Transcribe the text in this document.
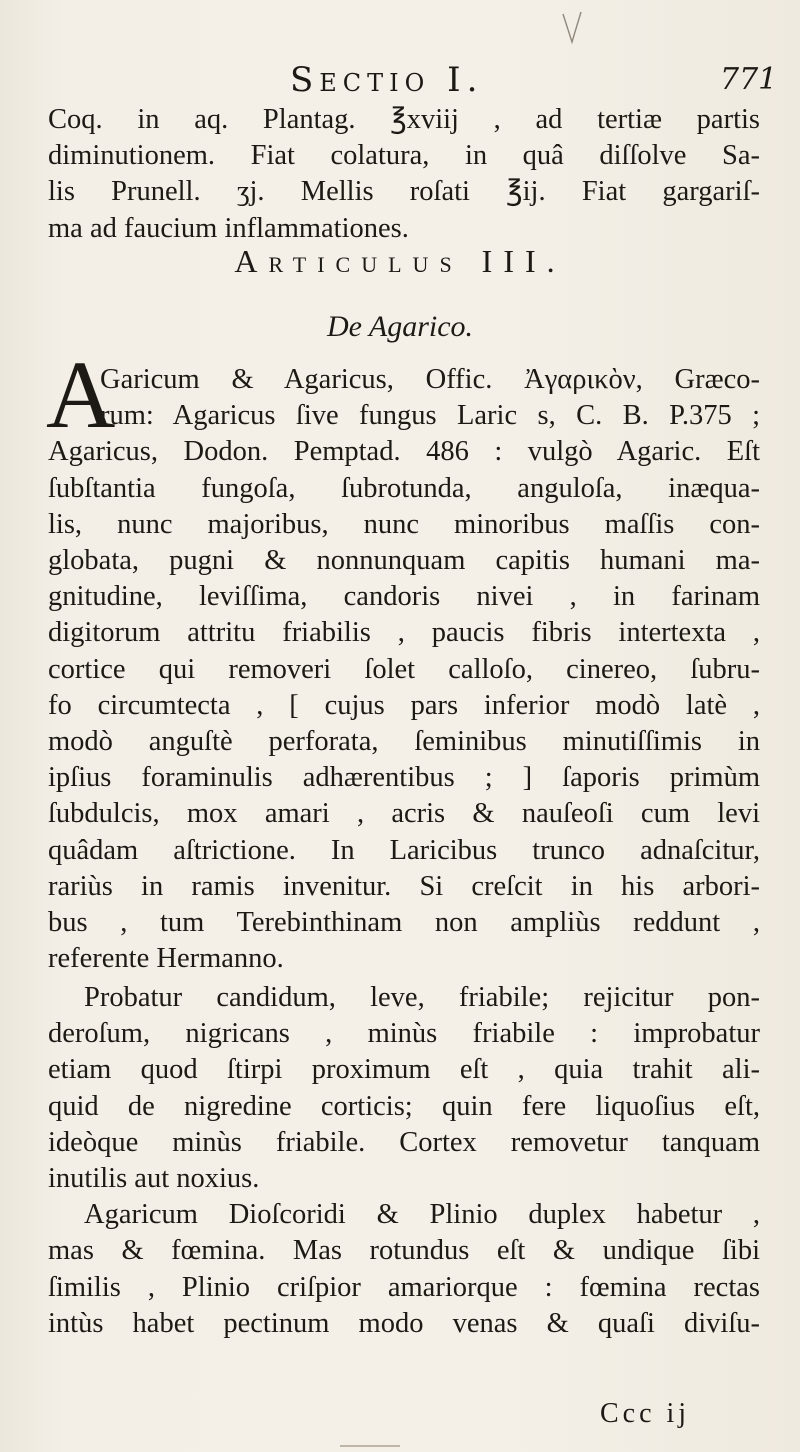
Sectio I.	771
Coq. in aq. Plantag. ℥xviij , ad tertiæ partis
diminutionem. Fiat colatura, in quâ diſſolve Sa-
lis Prunell. ʒj. Mellis roſati ℥ij. Fiat gargariſ-
ma ad faucium inflammationes.
Articulus III.
De Agarico.
A
Garicum & Agaricus, Offic. Ἀγαρικὸν, Græco-
rum: Agaricus ſive fungus Laric s, C. B. P.375 ;
Agaricus, Dodon. Pemptad. 486 : vulgò Agaric. Eſt
ſubſtantia fungoſa, ſubrotunda, anguloſa, inæqua-
lis, nunc majoribus, nunc minoribus maſſis con-
globata, pugni & nonnunquam capitis humani ma-
gnitudine, leviſſima, candoris nivei , in farinam
digitorum attritu friabilis , paucis fibris intertexta ,
cortice qui removeri ſolet calloſo, cinereo, ſubru-
fo circumtecta , [ cujus pars inferior modò latè ,
modò anguſtè perforata, ſeminibus minutiſſimis in
ipſius foraminulis adhærentibus ; ] ſaporis primùm
ſubdulcis, mox amari , acris & nauſeoſi cum levi
quâdam aſtrictione. In Laricibus trunco adnaſcitur,
rariùs in ramis invenitur. Si creſcit in his arbori-
bus , tum Terebinthinam non ampliùs reddunt ,
referente Hermanno.
Probatur candidum, leve, friabile; rejicitur pon-
deroſum, nigricans , minùs friabile : improbatur
etiam quod ſtirpi proximum eſt , quia trahit ali-
quid de nigredine corticis; quin fere liquoſius eſt,
ideòque minùs friabile. Cortex removetur tanquam
inutilis aut noxius.
Agaricum Dioſcoridi & Plinio duplex habetur ,
mas & fœmina. Mas rotundus eſt & undique ſibi
ſimilis , Plinio criſpior amariorque : fœmina rectas
intùs habet pectinum modo venas & quaſi diviſu-
Ccc ij
